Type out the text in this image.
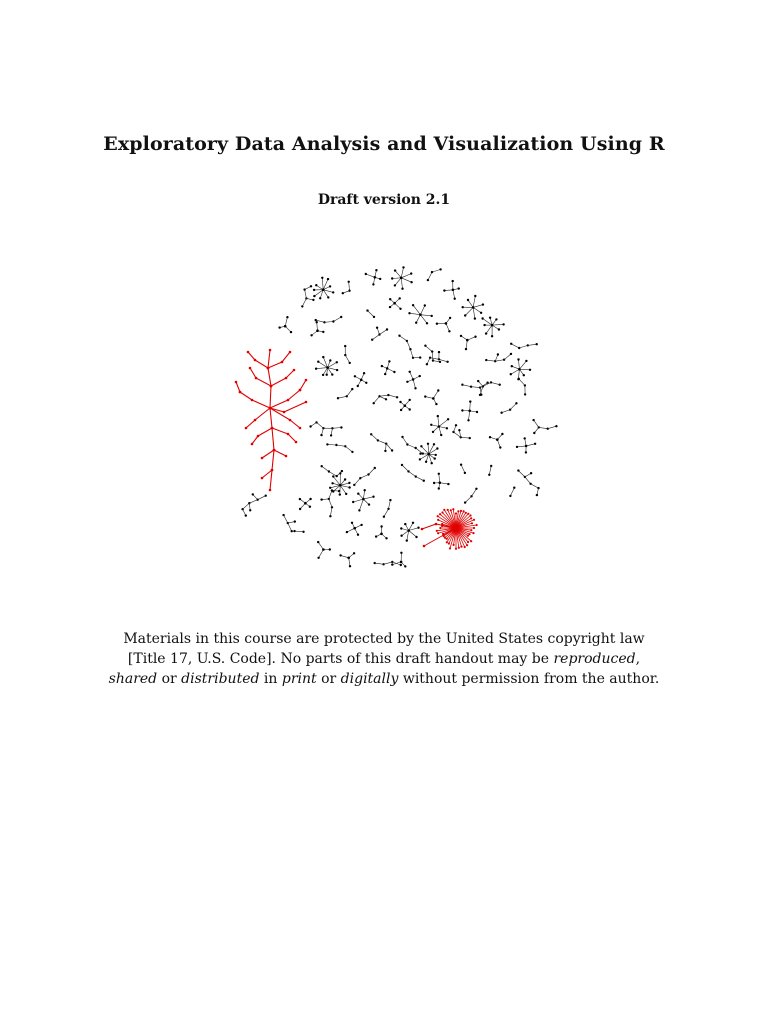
Exploratory Data Analysis and Visualization Using R
Draft version 2.1
Materials in this course are protected by the United States copyright law
[Title 17, U.S. Code]. No parts of this draft handout may be reproduced,
shared or distributed in print or digitally without permission from the author.
